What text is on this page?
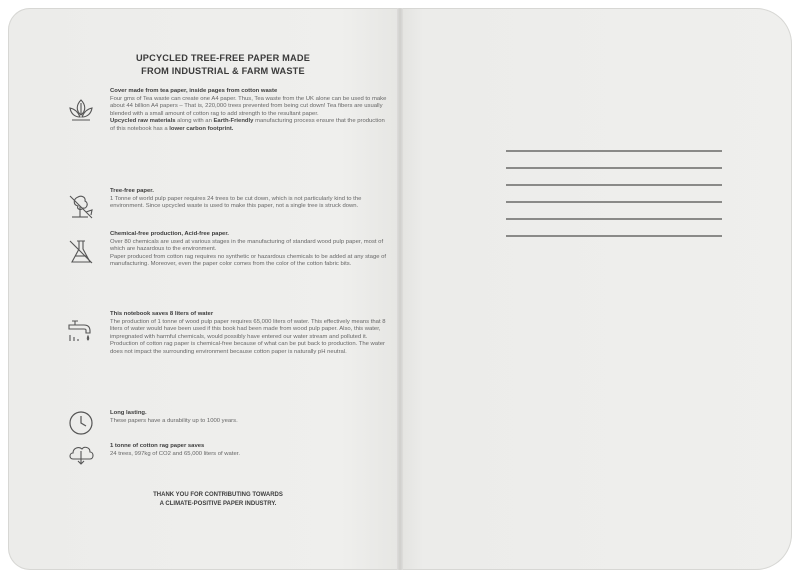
UPCYCLED TREE-FREE PAPER MADE
FROM INDUSTRIAL & FARM WASTE
Cover made from tea paper, inside pages from cotton waste
Four gms of Tea waste can create one A4 paper. Thus, Tea waste from the UK alone can be used to make about 44 billion A4 papers – That is, 220,000 trees prevented from being cut down! Tea fibers are usually blended with a small amount of cotton rag to add strength to the resultant paper.
Upcycled raw materials along with an Earth-Friendly manufacturing process ensure that the production of this notebook has a lower carbon footprint.
Tree-free paper.
1 Tonne of world pulp paper requires 24 trees to be cut down, which is not particularly kind to the environment. Since upcycled waste is used to make this paper, not a single tree is struck down.
Chemical-free production, Acid-free paper.
Over 80 chemicals are used at various stages in the manufacturing of standard wood pulp paper, most of which are hazardous to the environment.
Paper produced from cotton rag requires no synthetic or hazardous chemicals to be added at any stage of manufacturing. Moreover, even the paper color comes from the color of the cotton fabric bits.
This notebook saves 8 liters of water
The production of 1 tonne of wood pulp paper requires 65,000 liters of water. This effectively means that 8 liters of water would have been used if this book had been made from wood pulp paper. Also, this water, impregnated with harmful chemicals, would possibly have entered our water stream and polluted it.
Production of cotton rag paper is chemical-free because of what can be put back to production. The water does not impact the surrounding environment because cotton paper is naturally pH neutral.
Long lasting.
These papers have a durability up to 1000 years.
1 tonne of cotton rag paper saves
24 trees, 997kg of CO2 and 65,000 liters of water.
THANK YOU FOR CONTRIBUTING TOWARDS
A CLIMATE-POSITIVE PAPER INDUSTRY.
